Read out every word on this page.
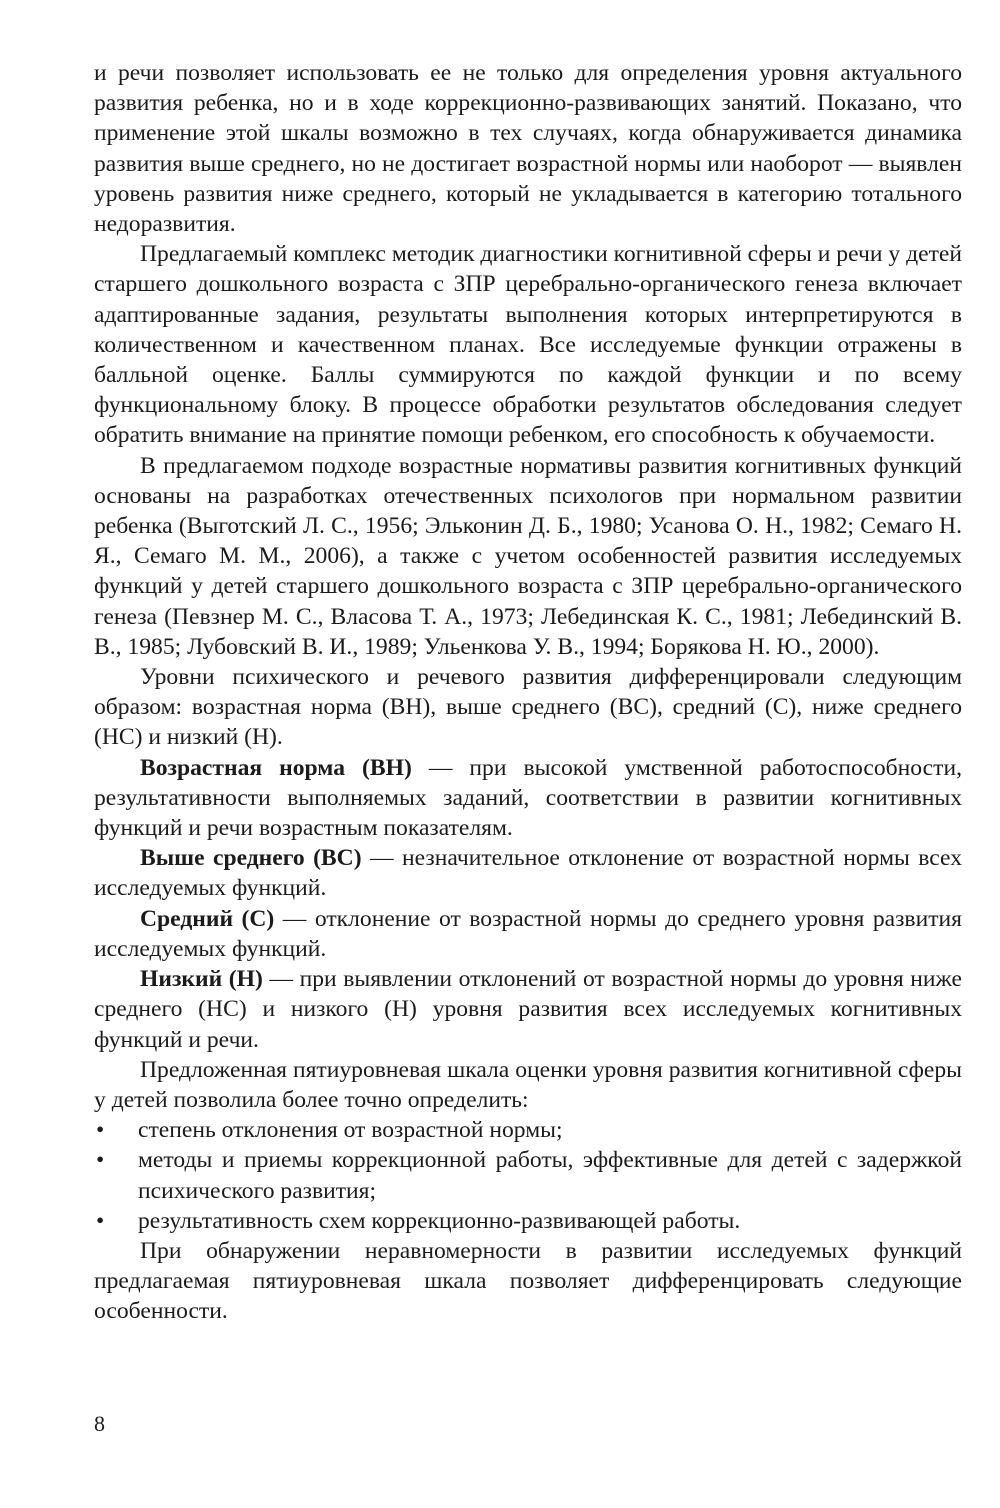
и речи позволяет использовать ее не только для определения уровня актуального развития ребенка, но и в ходе коррекционно-развивающих занятий. Показано, что применение этой шкалы возможно в тех случаях, когда обнаруживается динамика развития выше среднего, но не достигает возрастной нормы или наоборот — выявлен уровень развития ниже среднего, который не укладывается в категорию тотального недоразвития.

Предлагаемый комплекс методик диагностики когнитивной сферы и речи у детей старшего дошкольного возраста с ЗПР церебрально-органического генеза включает адаптированные задания, результаты выполнения которых интерпретируются в количественном и качественном планах. Все исследуемые функции отражены в балльной оценке. Баллы суммируются по каждой функции и по всему функциональному блоку. В процессе обработки результатов обследования следует обратить внимание на принятие помощи ребенком, его способность к обучаемости.

В предлагаемом подходе возрастные нормативы развития когнитивных функций основаны на разработках отечественных психологов при нормальном развитии ребенка (Выготский Л. С., 1956; Эльконин Д. Б., 1980; Усанова О. Н., 1982; Семаго Н. Я., Семаго М. М., 2006), а также с учетом особенностей развития исследуемых функций у детей старшего дошкольного возраста с ЗПР церебрально-органического генеза (Певзнер М. С., Власова Т. А., 1973; Лебединская К. С., 1981; Лебединский В. В., 1985; Лубовский В. И., 1989; Ульенкова У. В., 1994; Борякова Н. Ю., 2000).

Уровни психического и речевого развития дифференцировали следующим образом: возрастная норма (ВН), выше среднего (ВС), средний (С), ниже среднего (НС) и низкий (Н).

Возрастная норма (ВН) — при высокой умственной работоспособности, результативности выполняемых заданий, соответствии в развитии когнитивных функций и речи возрастным показателям.

Выше среднего (ВС) — незначительное отклонение от возрастной нормы всех исследуемых функций.

Средний (С) — отклонение от возрастной нормы до среднего уровня развития исследуемых функций.

Низкий (Н) — при выявлении отклонений от возрастной нормы до уровня ниже среднего (НС) и низкого (Н) уровня развития всех исследуемых когнитивных функций и речи.

Предложенная пятиуровневая шкала оценки уровня развития когнитивной сферы у детей позволила более точно определить:

• степень отклонения от возрастной нормы;
• методы и приемы коррекционной работы, эффективные для детей с задержкой психического развития;
• результативность схем коррекционно-развивающей работы.

При обнаружении неравномерности в развитии исследуемых функций предлагаемая пятиуровневая шкала позволяет дифференцировать следующие особенности.

8
